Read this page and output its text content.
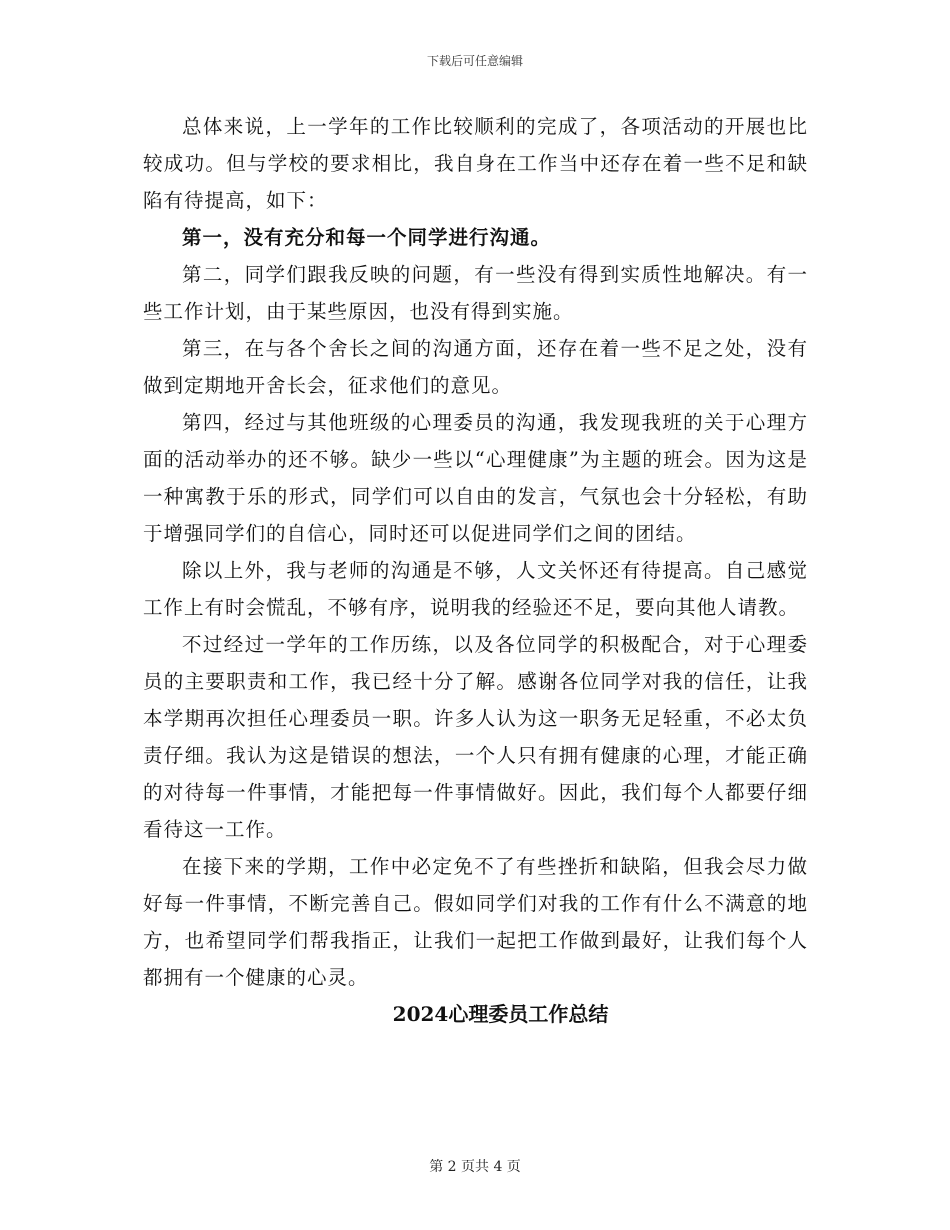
下载后可任意编辑

总体来说，上一学年的工作比较顺利的完成了，各项活动的开展也比较成功。但与学校的要求相比，我自身在工作当中还存在着一些不足和缺陷有待提高，如下：

第一，没有充分和每一个同学进行沟通。

第二，同学们跟我反映的问题，有一些没有得到实质性地解决。有一些工作计划，由于某些原因，也没有得到实施。

第三，在与各个舍长之间的沟通方面，还存在着一些不足之处，没有做到定期地开舍长会，征求他们的意见。

第四，经过与其他班级的心理委员的沟通，我发现我班的关于心理方面的活动举办的还不够。缺少一些以“心理健康”为主题的班会。因为这是一种寓教于乐的形式，同学们可以自由的发言，气氛也会十分轻松，有助于增强同学们的自信心，同时还可以促进同学们之间的团结。

除以上外，我与老师的沟通是不够，人文关怀还有待提高。自己感觉工作上有时会慌乱，不够有序，说明我的经验还不足，要向其他人请教。

不过经过一学年的工作历练，以及各位同学的积极配合，对于心理委员的主要职责和工作，我已经十分了解。感谢各位同学对我的信任，让我本学期再次担任心理委员一职。许多人认为这一职务无足轻重，不必太负责仔细。我认为这是错误的想法，一个人只有拥有健康的心理，才能正确的对待每一件事情，才能把每一件事情做好。因此，我们每个人都要仔细看待这一工作。

在接下来的学期，工作中必定免不了有些挫折和缺陷，但我会尽力做好每一件事情，不断完善自己。假如同学们对我的工作有什么不满意的地方，也希望同学们帮我指正，让我们一起把工作做到最好，让我们每个人都拥有一个健康的心灵。

2024心理委员工作总结

第 2 页共 4 页
